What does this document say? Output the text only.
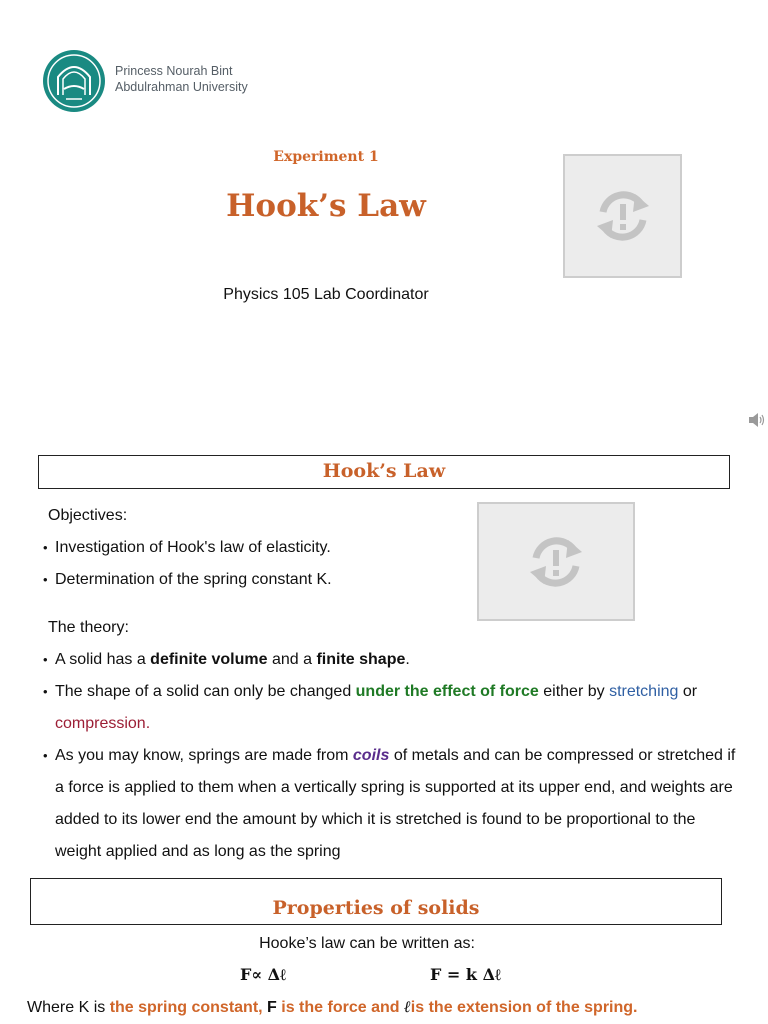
Princess Nourah Bint
Abdulrahman University
Experiment 1
Hook’s Law
Physics 105 Lab Coordinator
Hook’s Law
Objectives:
• Investigation of Hook's law of elasticity.
• Determination of the spring constant K.
The theory:
• A solid has a definite volume and a finite shape.
• The shape of a solid can only be changed under the effect of force either by stretching or compression.
• As you may know, springs are made from coils of metals and can be compressed or stretched if a force is applied to them when a vertically spring is supported at its upper end, and weights are added to its lower end the amount by which it is stretched is found to be proportional to the weight applied and as long as the spring
Properties of solids
Hooke’s law can be written as:
F∝ Δℓ	F = k Δℓ
Where K is the spring constant, F is the force and ℓis the extension of the spring.
